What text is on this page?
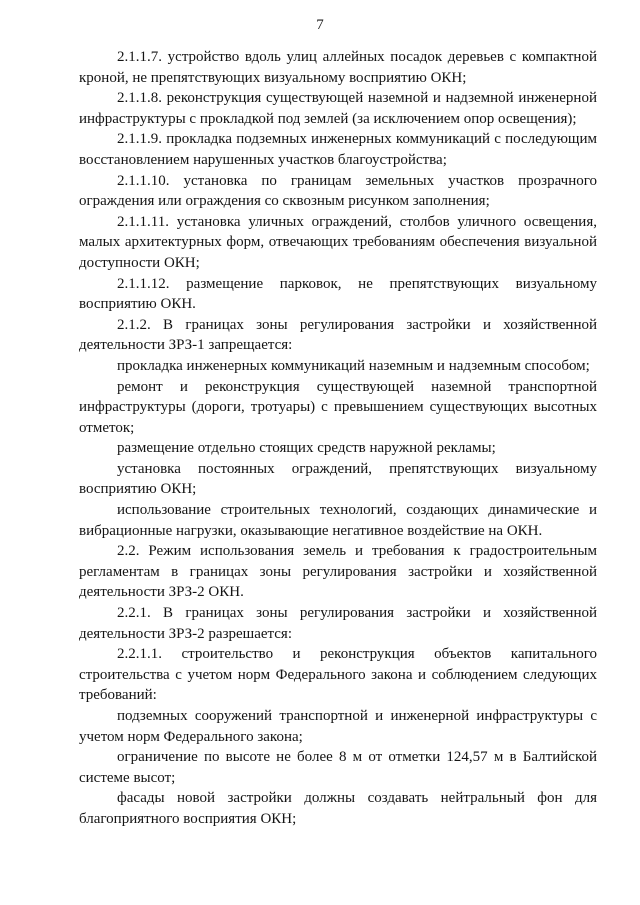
7

2.1.1.7. устройство вдоль улиц аллейных посадок деревьев с компактной кроной, не препятствующих визуальному восприятию ОКН;

2.1.1.8. реконструкция существующей наземной и надземной инженерной инфраструктуры с прокладкой под землей (за исключением опор освещения);

2.1.1.9. прокладка подземных инженерных коммуникаций с последующим восстановлением нарушенных участков благоустройства;

2.1.1.10. установка по границам земельных участков прозрачного ограждения или ограждения со сквозным рисунком заполнения;

2.1.1.11. установка уличных ограждений, столбов уличного освещения, малых архитектурных форм, отвечающих требованиям обеспечения визуальной доступности ОКН;

2.1.1.12. размещение парковок, не препятствующих визуальному восприятию ОКН.

2.1.2. В границах зоны регулирования застройки и хозяйственной деятельности ЗРЗ-1 запрещается:

прокладка инженерных коммуникаций наземным и надземным способом;

ремонт и реконструкция существующей наземной транспортной инфраструктуры (дороги, тротуары) с превышением существующих высотных отметок;

размещение отдельно стоящих средств наружной рекламы;

установка постоянных ограждений, препятствующих визуальному восприятию ОКН;

использование строительных технологий, создающих динамические и вибрационные нагрузки, оказывающие негативное воздействие на ОКН.

2.2. Режим использования земель и требования к градостроительным регламентам в границах зоны регулирования застройки и хозяйственной деятельности ЗРЗ-2 ОКН.

2.2.1. В границах зоны регулирования застройки и хозяйственной деятельности ЗРЗ-2 разрешается:

2.2.1.1. строительство и реконструкция объектов капитального строительства с учетом норм Федерального закона и соблюдением следующих требований:

подземных сооружений транспортной и инженерной инфраструктуры с учетом норм Федерального закона;

ограничение по высоте не более 8 м от отметки 124,57 м в Балтийской системе высот;

фасады новой застройки должны создавать нейтральный фон для благоприятного восприятия ОКН;
